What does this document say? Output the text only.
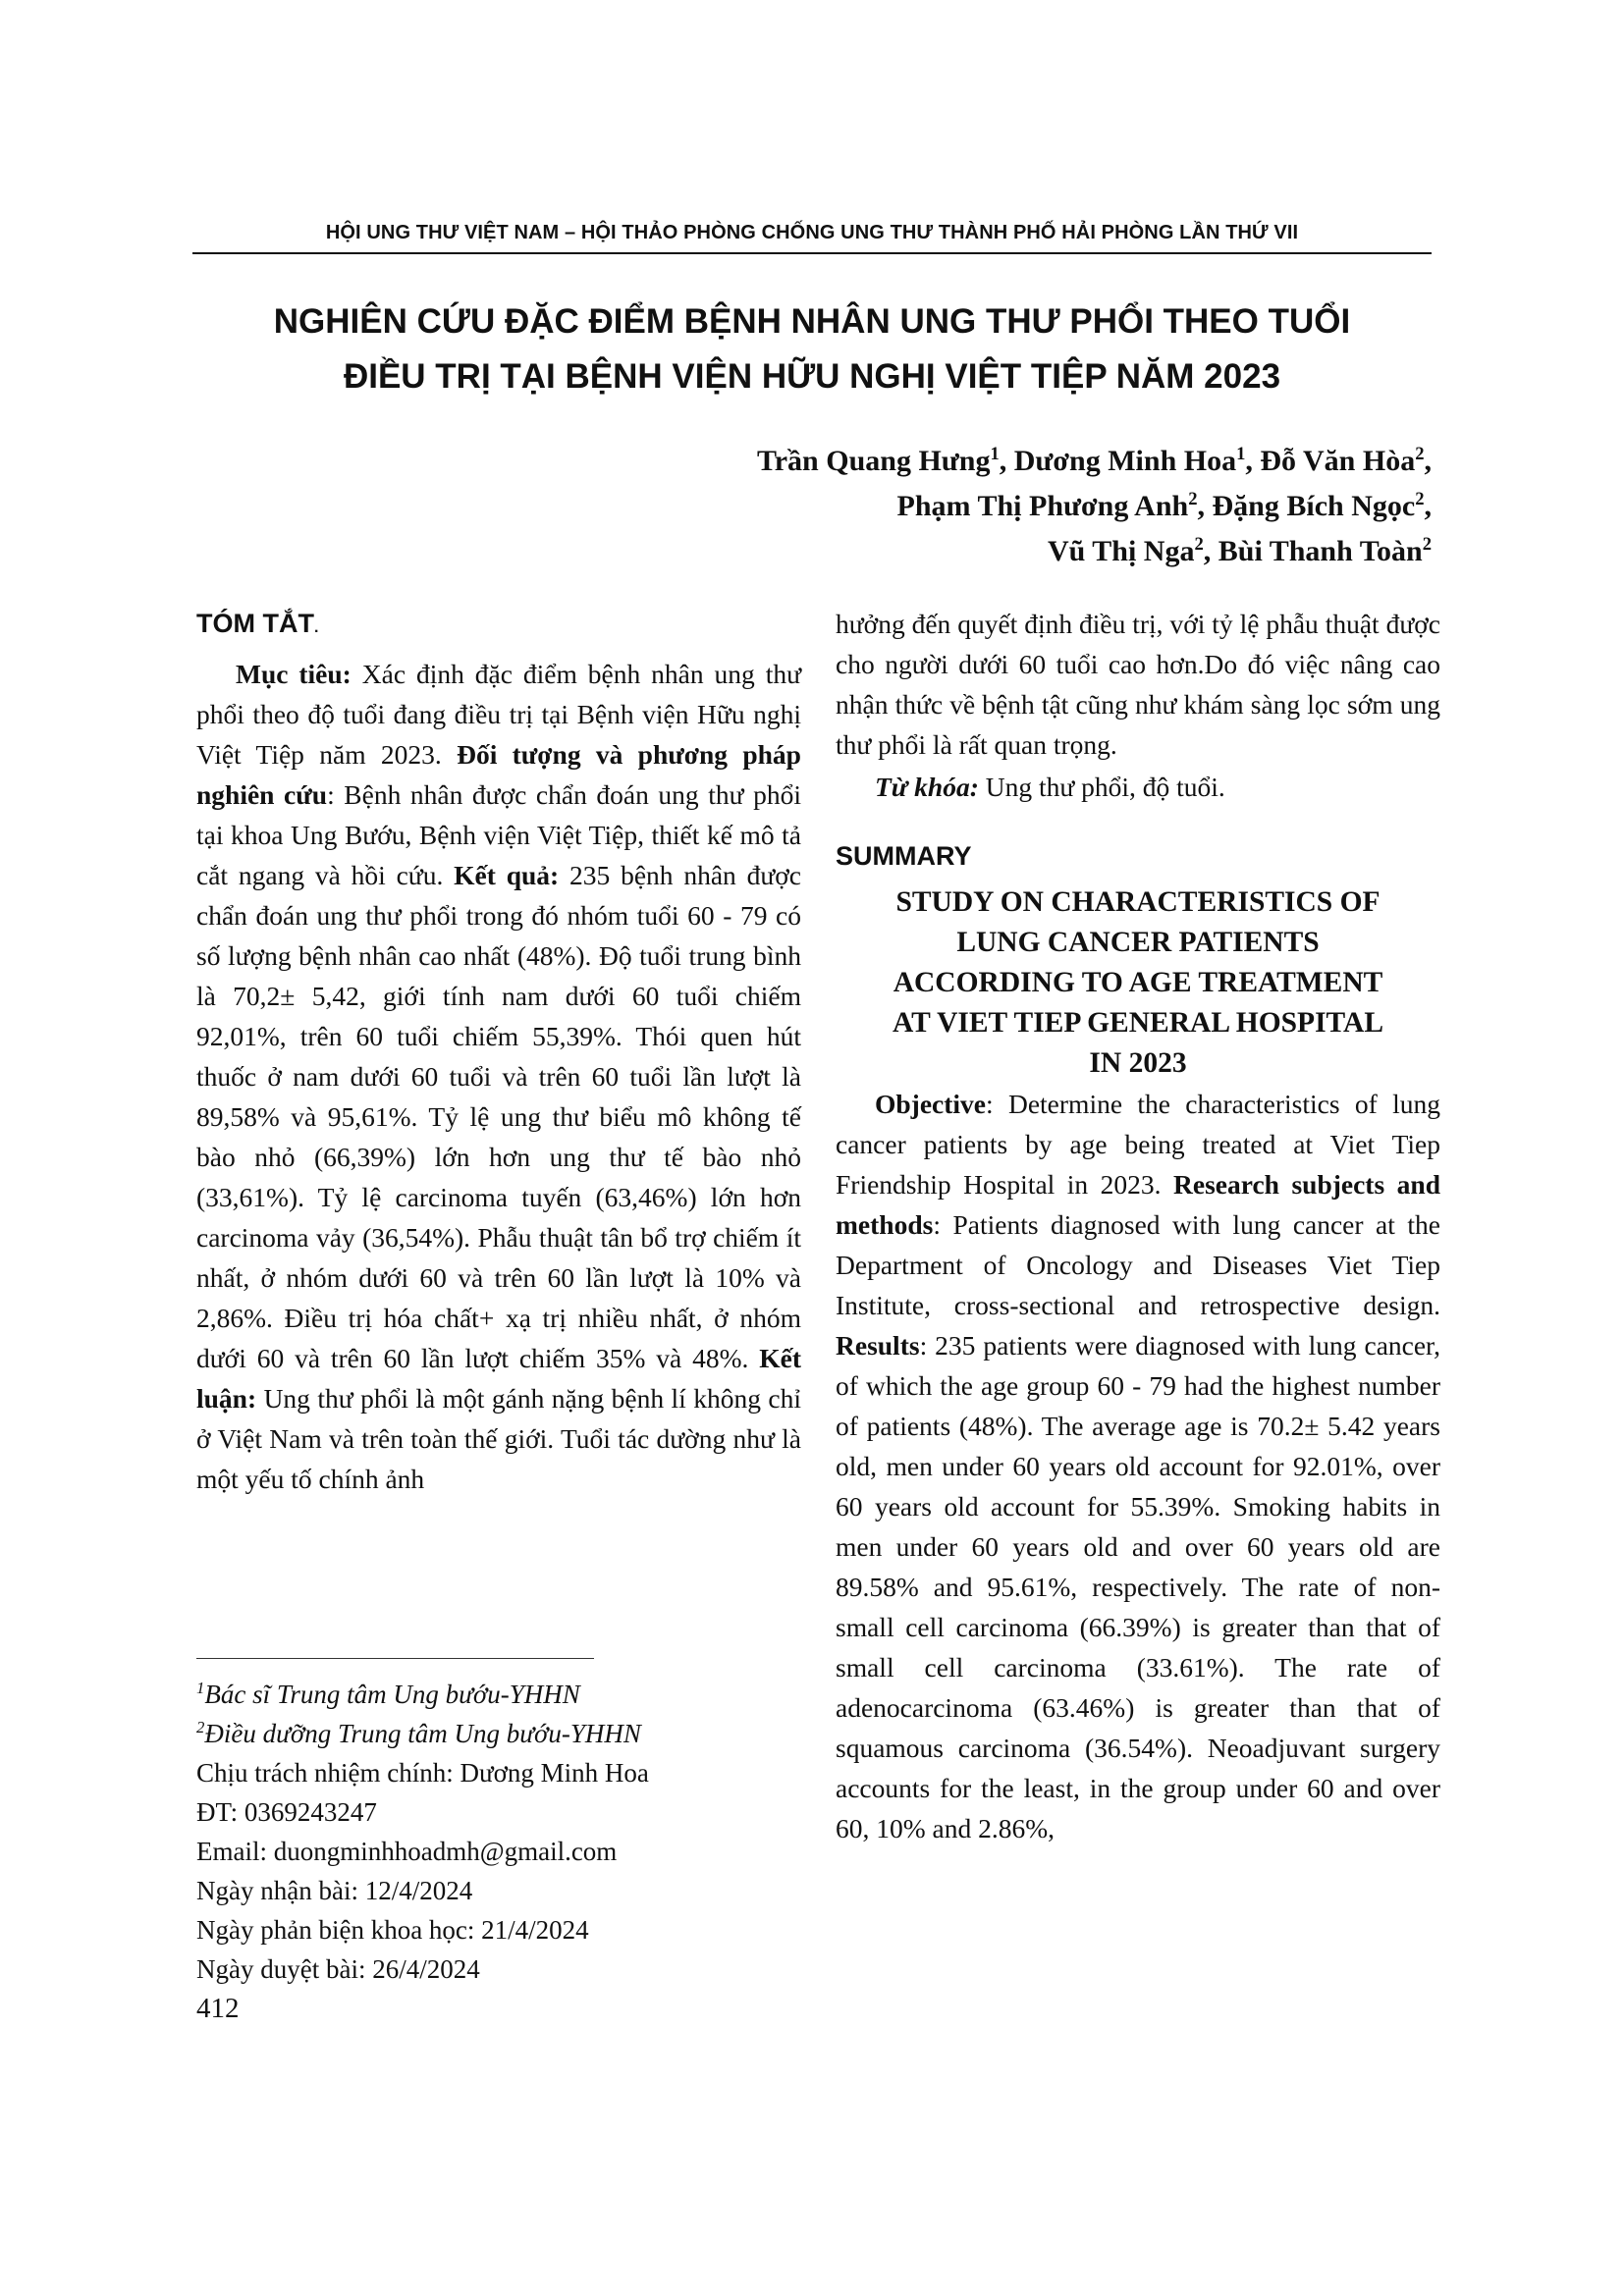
HỘI UNG THƯ VIỆT NAM – HỘI THẢO PHÒNG CHỐNG UNG THƯ THÀNH PHỐ HẢI PHÒNG LẦN THỨ VII
NGHIÊN CỨU ĐẶC ĐIỂM BỆNH NHÂN UNG THƯ PHỔI THEO TUỔI
ĐIỀU TRỊ TẠI BỆNH VIỆN HỮU NGHỊ VIỆT TIỆP NĂM 2023
Trần Quang Hưng$^1$, Dương Minh Hoa$^1$, Đỗ Văn Hòa$^2$,
Phạm Thị Phương Anh$^2$, Đặng Bích Ngọc$^2$,
Vũ Thị Nga$^2$, Bùi Thanh Toàn$^2$
TÓM TẮT.

Mục tiêu: Xác định đặc điểm bệnh nhân ung thư phổi theo độ tuổi đang điều trị tại Bệnh viện Hữu nghị Việt Tiệp năm 2023. Đối tượng và phương pháp nghiên cứu: Bệnh nhân được chẩn đoán ung thư phổi tại khoa Ung Bướu, Bệnh viện Việt Tiệp, thiết kế mô tả cắt ngang và hồi cứu. Kết quả: 235 bệnh nhân được chẩn đoán ung thư phổi trong đó nhóm tuổi 60 - 79 có số lượng bệnh nhân cao nhất (48%). Độ tuổi trung bình là 70,2± 5,42, giới tính nam dưới 60 tuổi chiếm 92,01%, trên 60 tuổi chiếm 55,39%. Thói quen hút thuốc ở nam dưới 60 tuổi và trên 60 tuổi lần lượt là 89,58% và 95,61%. Tỷ lệ ung thư biểu mô không tế bào nhỏ (66,39%) lớn hơn ung thư tế bào nhỏ (33,61%). Tỷ lệ carcinoma tuyến (63,46%) lớn hơn carcinoma vảy (36,54%). Phẫu thuật tân bổ trợ chiếm ít nhất, ở nhóm dưới 60 và trên 60 lần lượt là 10% và 2,86%. Điều trị hóa chất+ xạ trị nhiều nhất, ở nhóm dưới 60 và trên 60 lần lượt chiếm 35% và 48%. Kết luận: Ung thư phổi là một gánh nặng bệnh lí không chỉ ở Việt Nam và trên toàn thế giới. Tuổi tác dường như là một yếu tố chính ảnh

hưởng đến quyết định điều trị, với tỷ lệ phẫu thuật được cho người dưới 60 tuổi cao hơn.Do đó việc nâng cao nhận thức về bệnh tật cũng như khám sàng lọc sớm ung thư phổi là rất quan trọng.

Từ khóa: Ung thư phổi, độ tuổi.

SUMMARY
STUDY ON CHARACTERISTICS OF
LUNG CANCER PATIENTS
ACCORDING TO AGE TREATMENT
AT VIET TIEP GENERAL HOSPITAL
IN 2023

Objective: Determine the characteristics of lung cancer patients by age being treated at Viet Tiep Friendship Hospital in 2023. Research subjects and methods: Patients diagnosed with lung cancer at the Department of Oncology and Diseases Viet Tiep Institute, cross-sectional and retrospective design. Results: 235 patients were diagnosed with lung cancer, of which the age group 60 - 79 had the highest number of patients (48%). The average age is 70.2± 5.42 years old, men under 60 years old account for 92.01%, over 60 years old account for 55.39%. Smoking habits in men under 60 years old and over 60 years old are 89.58% and 95.61%, respectively. The rate of non-small cell carcinoma (66.39%) is greater than that of small cell carcinoma (33.61%). The rate of adenocarcinoma (63.46%) is greater than that of squamous carcinoma (36.54%). Neoadjuvant surgery accounts for the least, in the group under 60 and over 60, 10% and 2.86%,

$^1$Bác sĩ Trung tâm Ung bướu-YHHN
$^2$Điều dưỡng Trung tâm Ung bướu-YHHN
Chịu trách nhiệm chính: Dương Minh Hoa
ĐT: 0369243247
Email: duongminhhoadmh@gmail.com
Ngày nhận bài: 12/4/2024
Ngày phản biện khoa học: 21/4/2024
Ngày duyệt bài: 26/4/2024
412
